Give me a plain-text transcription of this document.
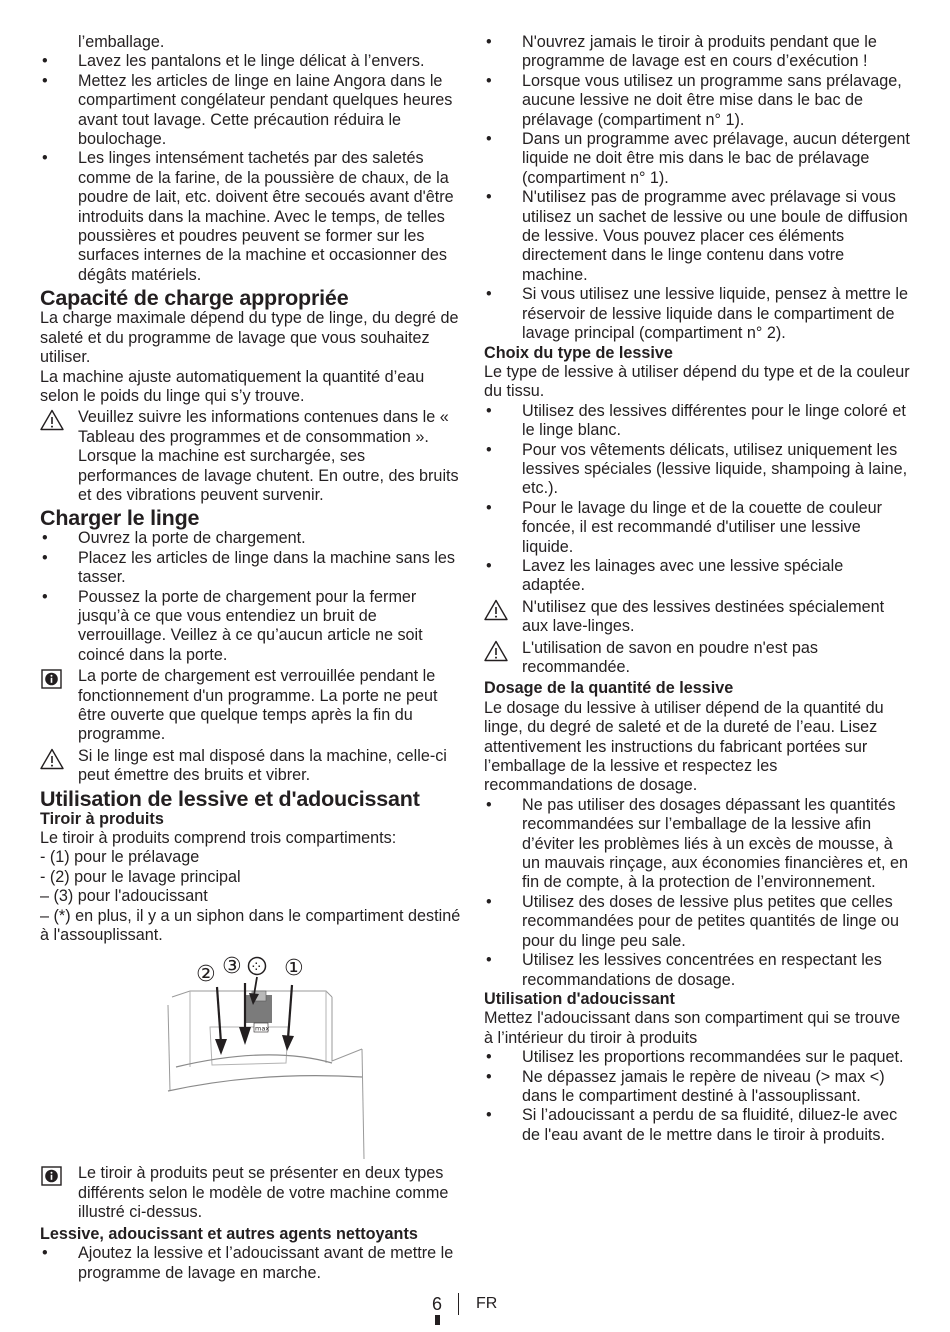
l’emballage.

• Lavez les pantalons et le linge délicat à l’envers.
• Mettez les articles de linge en laine Angora dans le compartiment congélateur pendant quelques heures avant tout lavage. Cette précaution réduira le boulochage.
• Les linges intensément tachetés par des saletés comme de la farine, de la poussière de chaux, de la poudre de lait, etc. doivent être secoués avant d'être introduits dans la machine. Avec le temps, de telles poussières et poudres peuvent se former sur les surfaces internes de la machine et occasionner des dégâts matériels.
Capacité de charge appropriée

La charge maximale dépend du type de linge, du degré de saleté et du programme de lavage que vous souhaitez utiliser.

La machine ajuste automatiquement la quantité d’eau selon le poids du linge qui s’y trouve.

Veuillez suivre les informations contenues dans le « Tableau des programmes et de consommation ». Lorsque la machine est surchargée, ses performances de lavage chutent. En outre, des bruits et des vibrations peuvent survenir.
Charger le linge
• Ouvrez la porte de chargement.
• Placez les articles de linge dans la machine sans les tasser.
• Poussez la porte de chargement pour la fermer jusqu’à ce que vous entendiez un bruit de verrouillage. Veillez à ce qu’aucun article ne soit coincé dans la porte.
La porte de chargement est verrouillée pendant le fonctionnement d'un programme. La porte ne peut être ouverte que quelque temps après la fin du programme.
Si le linge est mal disposé dans la machine, celle-ci peut émettre des bruits et vibrer.
Utilisation de lessive et d'adoucissant
Tiroir à produits

Le tiroir à produits comprend trois compartiments:

- (1) pour le prélavage

- (2) pour le lavage principal

– (3) pour l'adoucissant

– (*) en plus, il y a un siphon dans le compartiment destiné à l'assouplissant.

② ③ ⁘ ①
max
Le tiroir à produits peut se présenter en deux types différents selon le modèle de votre machine comme illustré ci-dessus.
Lessive, adoucissant et autres agents nettoyants
• Ajoutez la lessive et l’adoucissant avant de mettre le programme de lavage en marche.
• N'ouvrez jamais le tiroir à produits pendant que le programme de lavage est en cours d’exécution !
• Lorsque vous utilisez un programme sans prélavage, aucune lessive ne doit être mise dans le bac de prélavage (compartiment n° 1).
• Dans un programme avec prélavage, aucun détergent liquide ne doit être mis dans le bac de prélavage (compartiment n° 1).
• N'utilisez pas de programme avec prélavage si vous utilisez un sachet de lessive ou une boule de diffusion de lessive. Vous pouvez placer ces éléments directement dans le linge contenu dans votre machine.
• Si vous utilisez une lessive liquide, pensez à mettre le réservoir de lessive liquide dans le compartiment de lavage principal (compartiment n° 2).
Choix du type de lessive

Le type de lessive à utiliser dépend du type et de la couleur du tissu.

• Utilisez des lessives différentes pour le linge coloré et le linge blanc.
• Pour vos vêtements délicats, utilisez uniquement les lessives spéciales (lessive liquide, shampoing à laine, etc.).
• Pour le lavage du linge et de la couette de couleur foncée, il est recommandé d'utiliser une lessive liquide.
• Lavez les lainages avec une lessive spéciale adaptée.
N'utilisez que des lessives destinées spécialement aux lave-linges.
L'utilisation de savon en poudre n'est pas recommandée.
Dosage de la quantité de lessive

Le dosage du lessive à utiliser dépend de la quantité du linge, du degré de saleté et de la dureté de l’eau. Lisez attentivement les instructions du fabricant portées sur l’emballage de la lessive et respectez les recommandations de dosage.

• Ne pas utiliser des dosages dépassant les quantités recommandées sur l’emballage de la lessive afin d’éviter les problèmes liés à un excès de mousse, à un mauvais rinçage, aux économies financières et, en fin de compte, à la protection de l’environnement.
• Utilisez des doses de lessive plus petites que celles recommandées pour de petites quantités de linge ou pour du linge peu sale.
• Utilisez les lessives concentrées en respectant les recommandations de dosage.
Utilisation d'adoucissant

Mettez l'adoucissant dans son compartiment qui se trouve à l’intérieur du tiroir à produits

• Utilisez les proportions recommandées sur le paquet.
• Ne dépassez jamais le repère de niveau (> max <) dans le compartiment destiné à l'assouplissant.
• Si l’adoucissant a perdu de sa fluidité, diluez-le avec de l'eau avant de le mettre dans le tiroir à produits.
6 FR
